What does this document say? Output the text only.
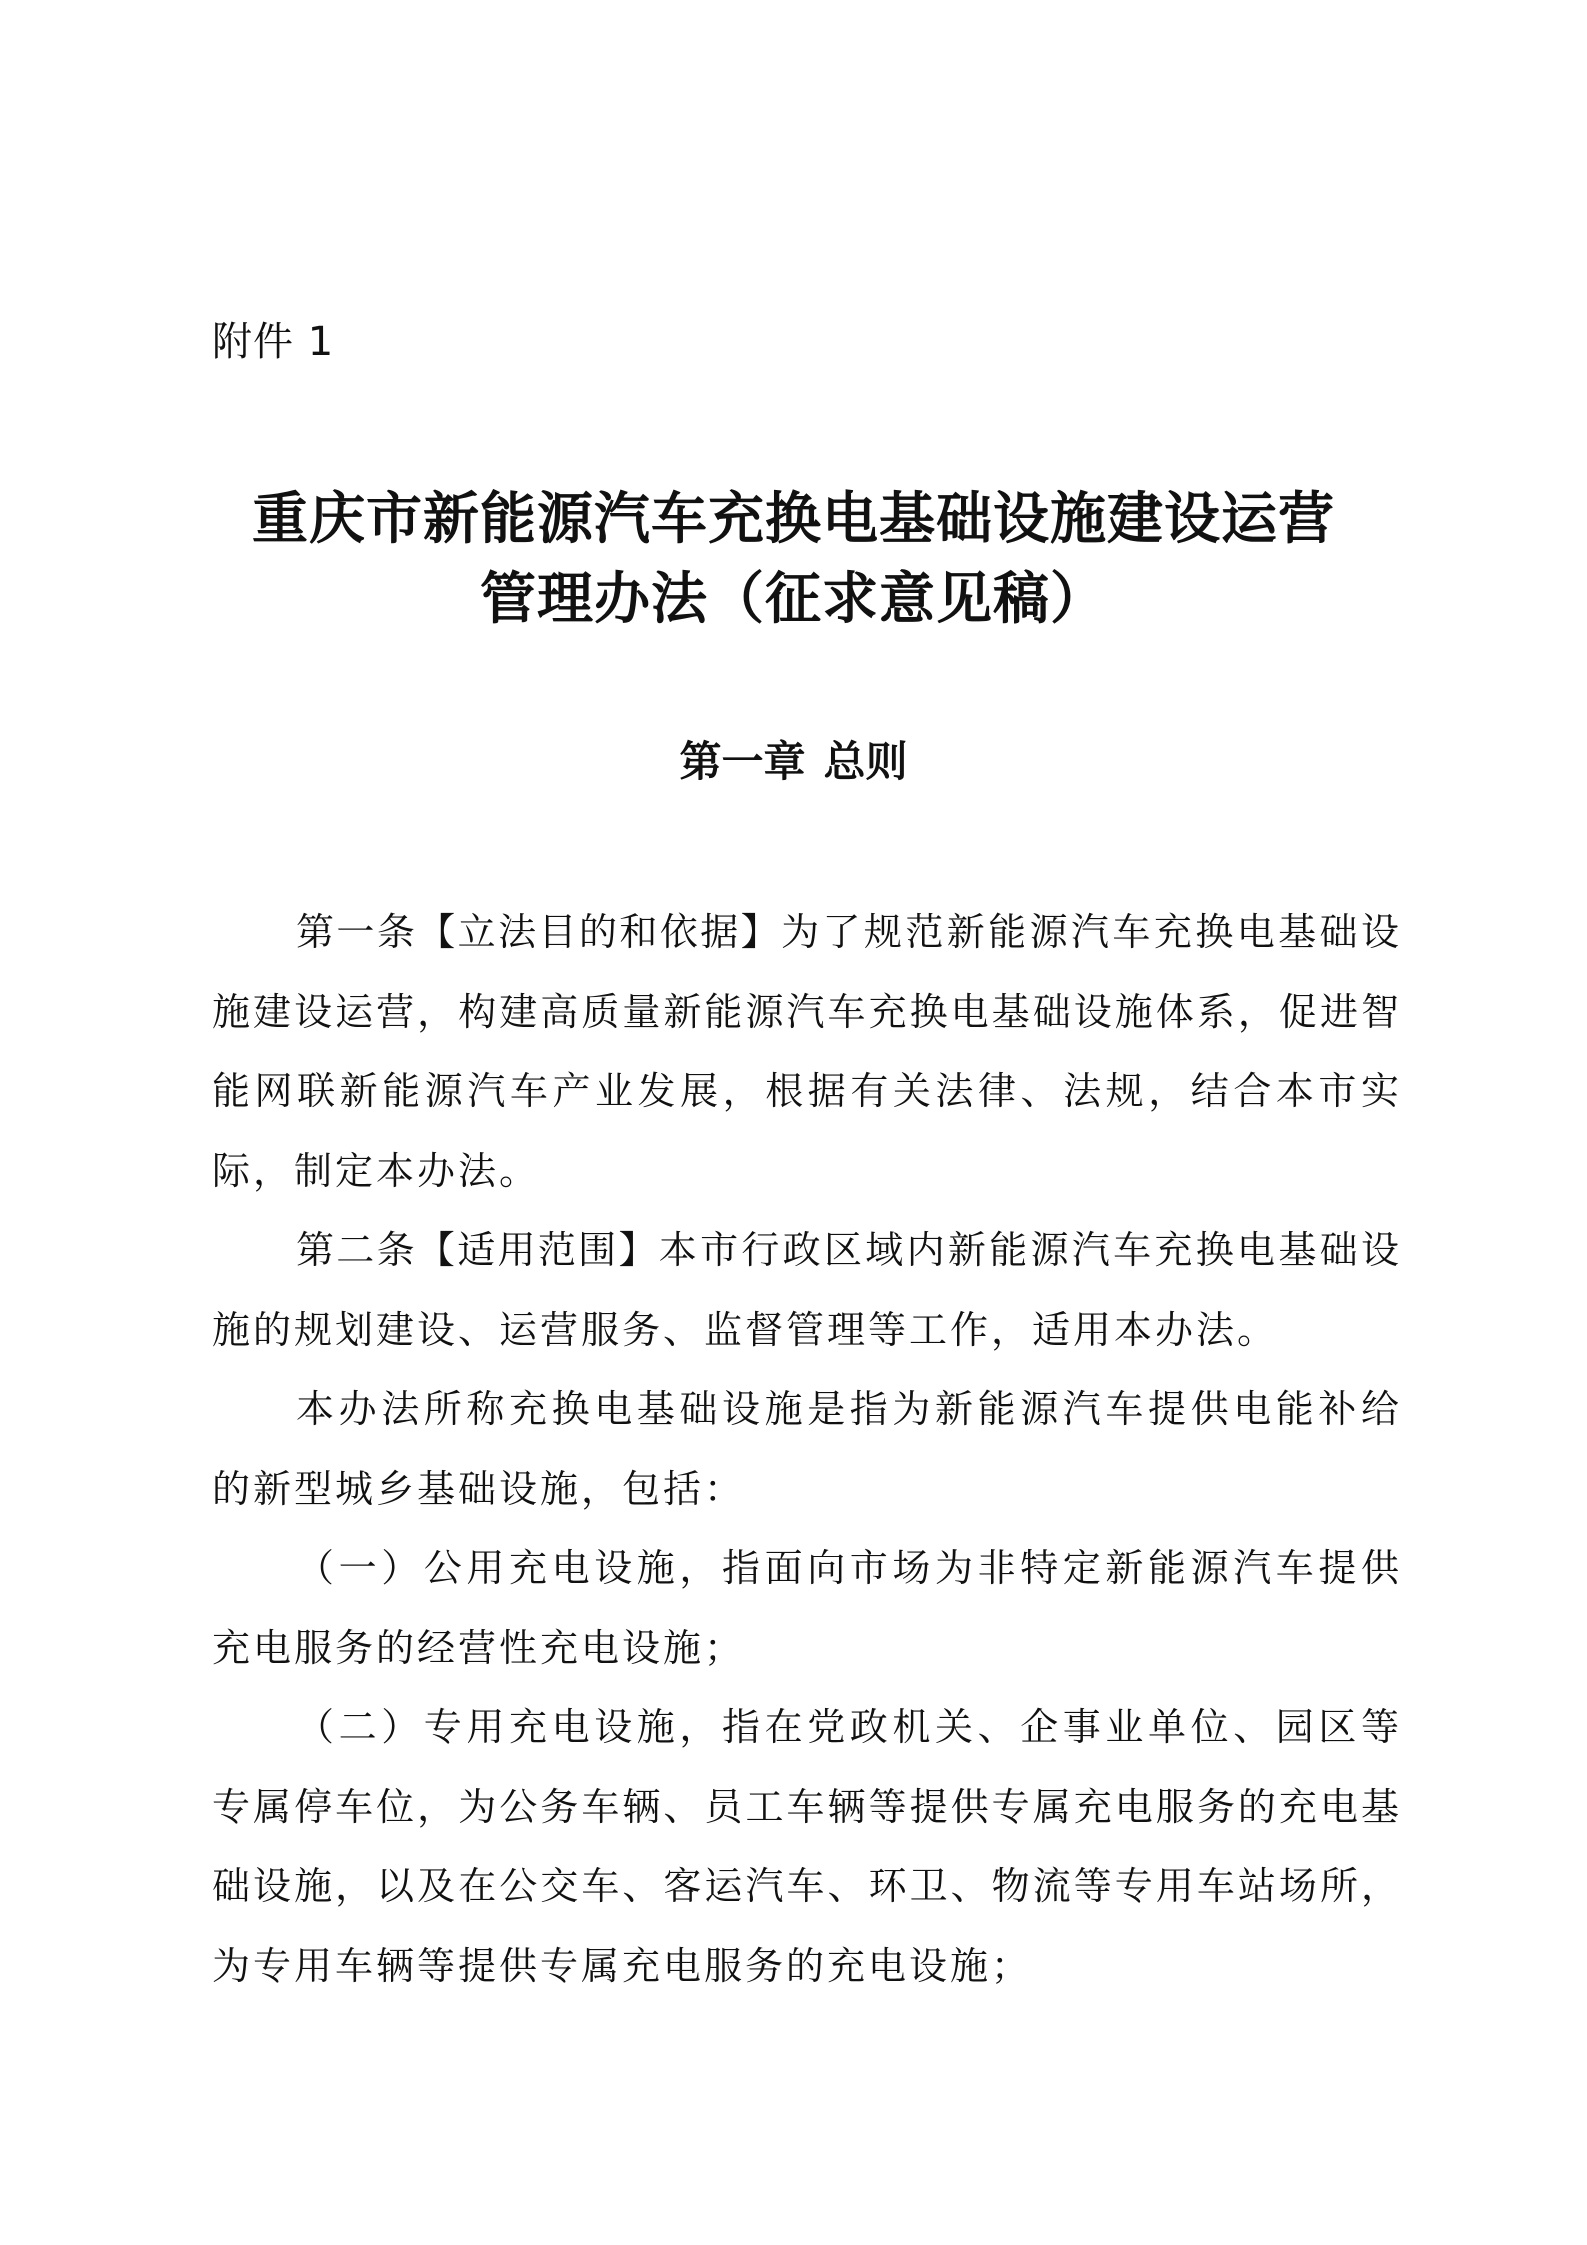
附件 1
重庆市新能源汽车充换电基础设施建设运营
管理办法（征求意见稿）
第一章 总则

第一条【立法目的和依据】为了规范新能源汽车充换电基础设施建设运营，构建高质量新能源汽车充换电基础设施体系，促进智能网联新能源汽车产业发展，根据有关法律、法规，结合本市实际，制定本办法。

第二条【适用范围】本市行政区域内新能源汽车充换电基础设施的规划建设、运营服务、监督管理等工作，适用本办法。

本办法所称充换电基础设施是指为新能源汽车提供电能补给的新型城乡基础设施，包括：

（一）公用充电设施，指面向市场为非特定新能源汽车提供充电服务的经营性充电设施；

（二）专用充电设施，指在党政机关、企事业单位、园区等专属停车位，为公务车辆、员工车辆等提供专属充电服务的充电基础设施，以及在公交车、客运汽车、环卫、物流等专用车站场所，为专用车辆等提供专属充电服务的充电设施；
